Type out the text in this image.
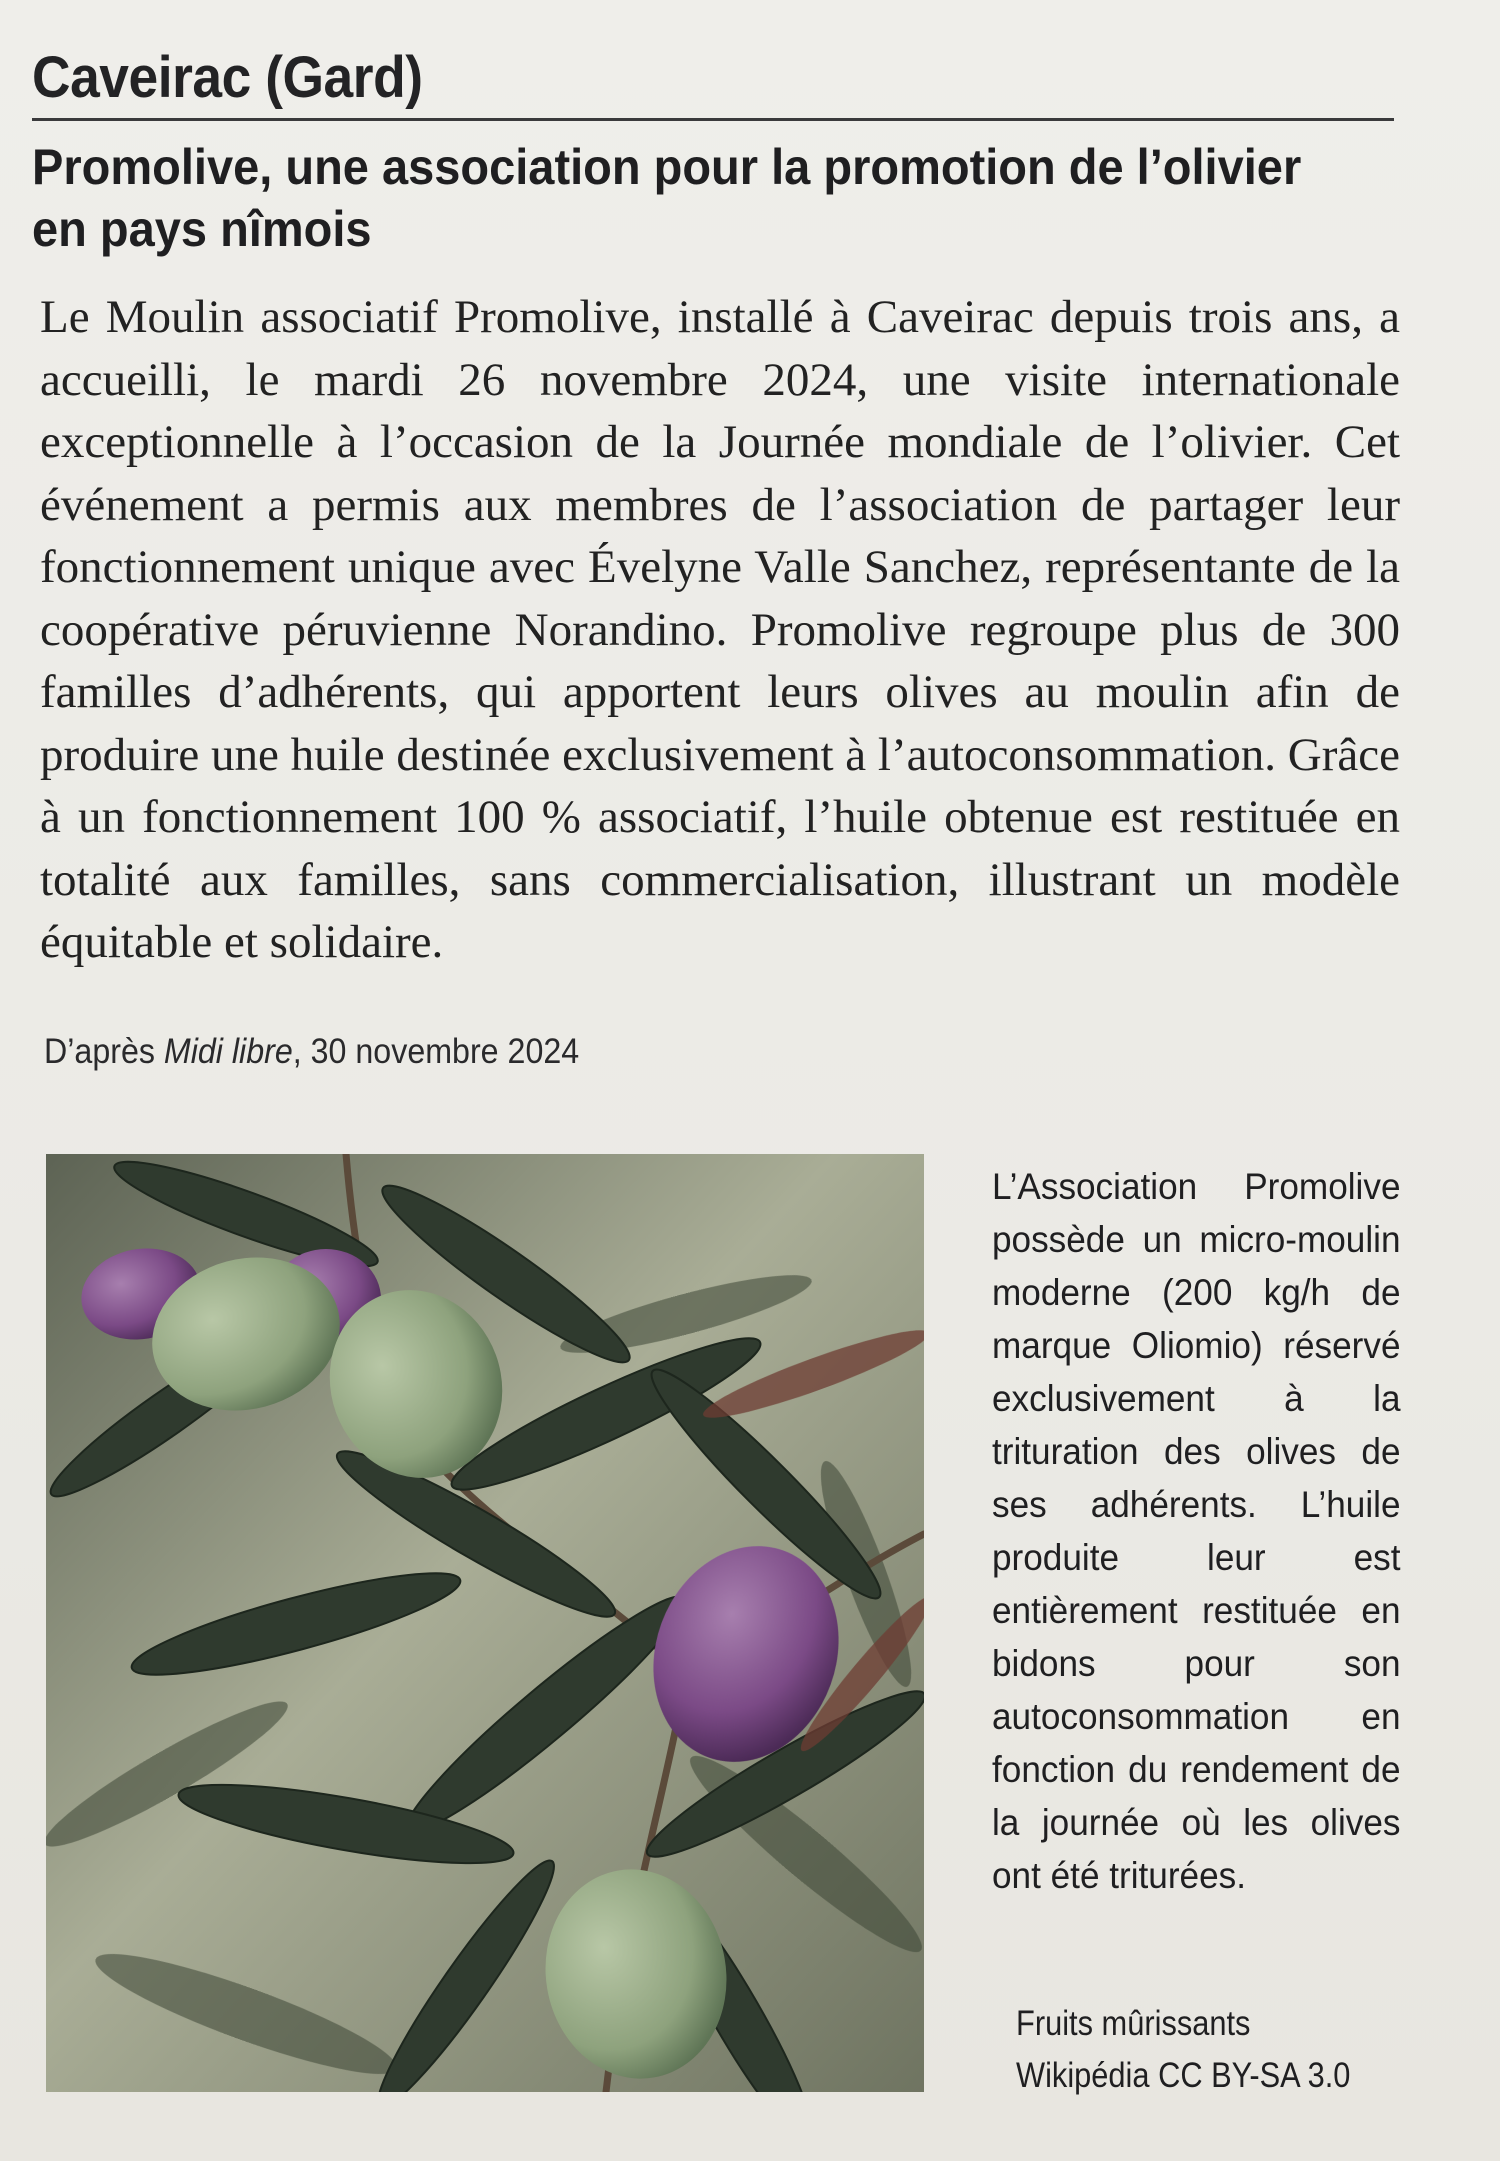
Caveirac (Gard)
Promolive, une association pour la promotion de l’olivier en pays nîmois

Le Moulin associatif Promolive, installé à Caveirac depuis trois ans, a accueilli, le mardi 26 novembre 2024, une visite internationale exceptionnelle à l’occasion de la Journée mondiale de l’olivier. Cet événement a permis aux membres de l’association de partager leur fonctionnement unique avec Évelyne Valle Sanchez, représentante de la coopérative péruvienne Norandino. Promolive regroupe plus de 300 familles d’adhérents, qui apportent leurs olives au moulin afin de produire une huile destinée exclusivement à l’autoconsommation. Grâce à un fonctionnement 100 % associatif, l’huile obtenue est restituée en totalité aux familles, sans commercialisation, illustrant un modèle équitable et solidaire.

D’après Midi libre, 30 novembre 2024

L’Association Promolive possède un micro-moulin moderne (200 kg/h de marque Oliomio) réservé exclusivement à la trituration des olives de ses adhérents. L’huile produite leur est entièrement restituée en bidons pour son autoconsommation en fonction du rendement de la journée où les olives ont été triturées.

Fruits mûrissants
Wikipédia CC BY-SA 3.0
